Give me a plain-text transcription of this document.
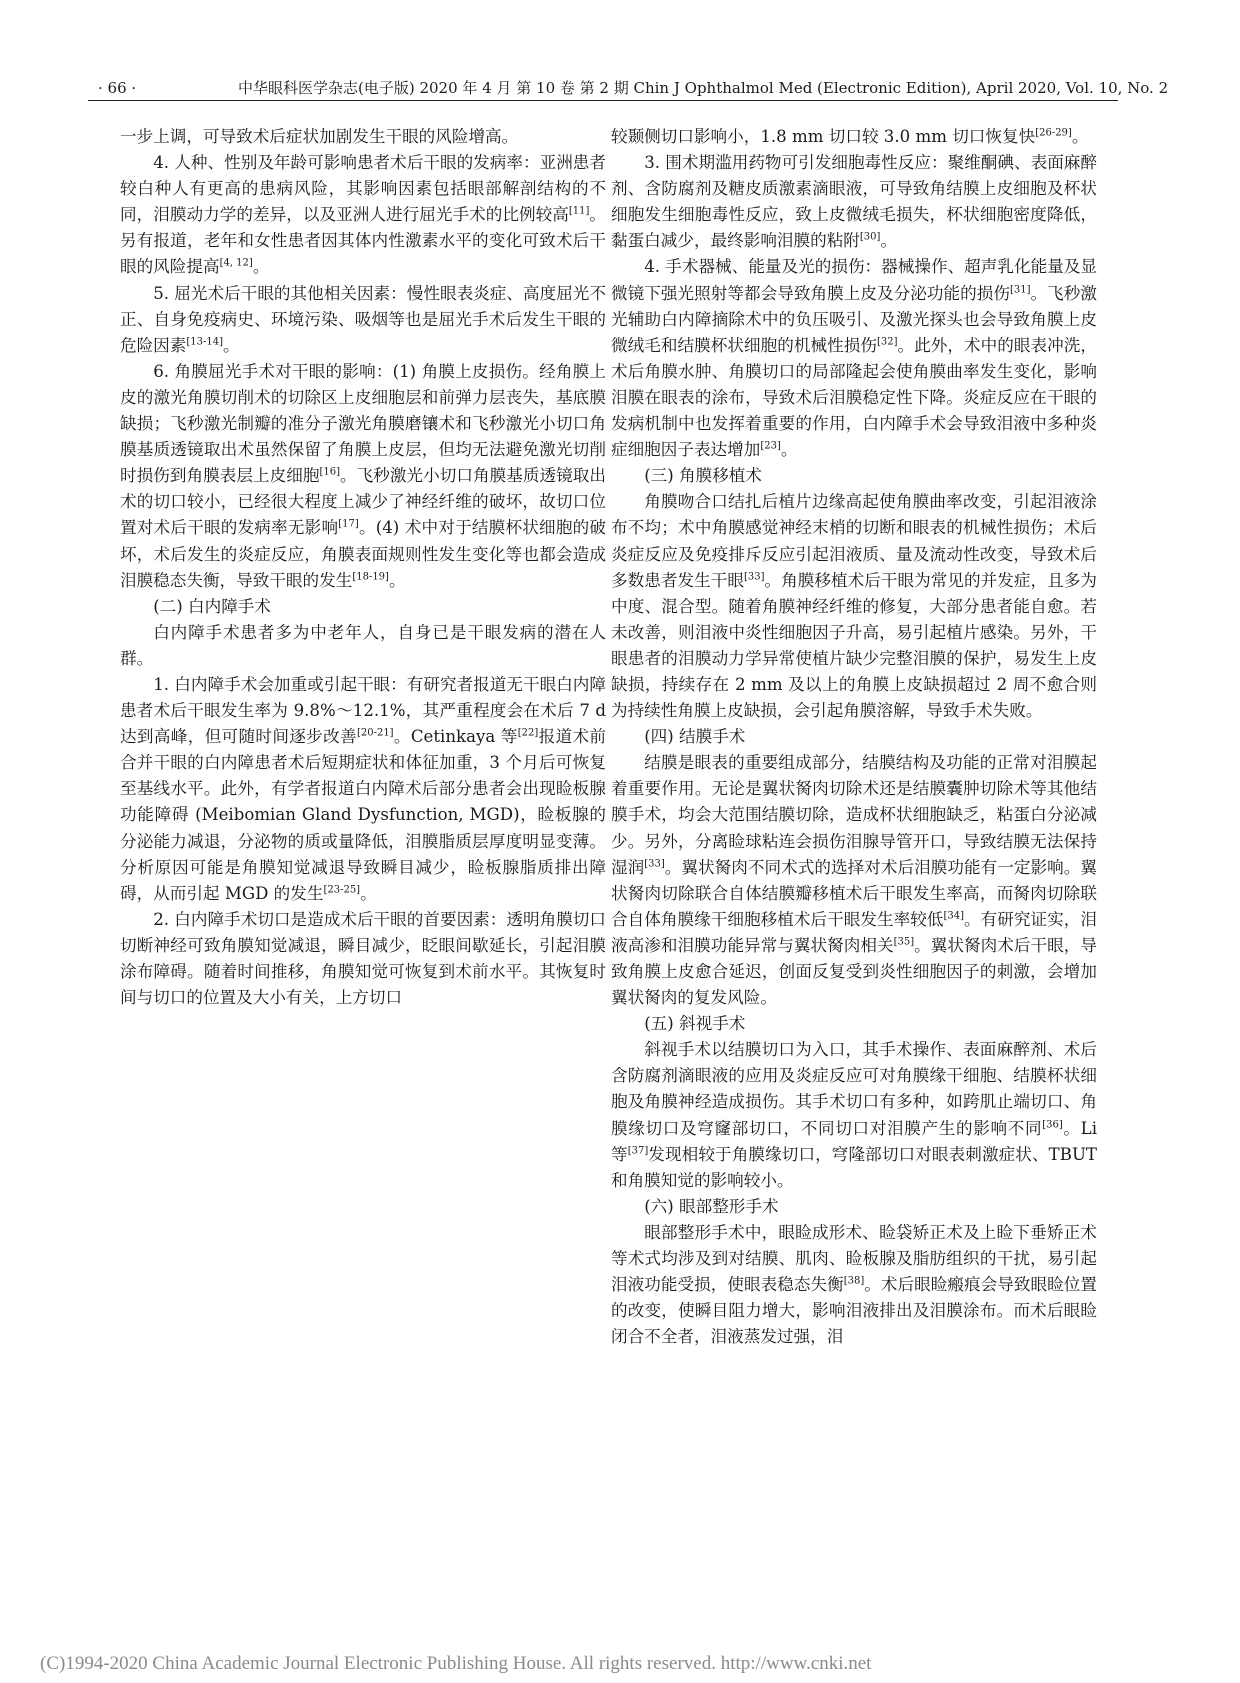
· 66 ·	中华眼科医学杂志(电子版) 2020 年 4 月 第 10 卷 第 2 期 Chin J Ophthalmol Med (Electronic Edition), April 2020, Vol. 10, No. 2

一步上调，可导致术后症状加剧发生干眼的风险增高。

4. 人种、性别及年龄可影响患者术后干眼的发病率：亚洲患者较白种人有更高的患病风险，其影响因素包括眼部解剖结构的不同，泪膜动力学的差异，以及亚洲人进行屈光手术的比例较高[11]。另有报道，老年和女性患者因其体内性激素水平的变化可致术后干眼的风险提高[4, 12]。

5. 屈光术后干眼的其他相关因素：慢性眼表炎症、高度屈光不正、自身免疫病史、环境污染、吸烟等也是屈光手术后发生干眼的危险因素[13-14]。

6. 角膜屈光手术对干眼的影响：(1) 角膜上皮损伤。经角膜上皮的激光角膜切削术的切除区上皮细胞层和前弹力层丧失，基底膜缺损；飞秒激光制瓣的准分子激光角膜磨镶术和飞秒激光小切口角膜基质透镜取出术虽然保留了角膜上皮层，但均无法避免激光切削时损伤到角膜表层上皮细胞[16]。飞秒激光小切口角膜基质透镜取出术的切口较小，已经很大程度上减少了神经纤维的破坏，故切口位置对术后干眼的发病率无影响[17]。(4) 术中对于结膜杯状细胞的破坏，术后发生的炎症反应，角膜表面规则性发生变化等也都会造成泪膜稳态失衡，导致干眼的发生[18-19]。

(二) 白内障手术

白内障手术患者多为中老年人，自身已是干眼发病的潜在人群。

1. 白内障手术会加重或引起干眼：有研究者报道无干眼白内障患者术后干眼发生率为 9.8%～12.1%，其严重程度会在术后 7 d 达到高峰，但可随时间逐步改善[20-21]。Cetinkaya 等[22]报道术前合并干眼的白内障患者术后短期症状和体征加重，3 个月后可恢复至基线水平。此外，有学者报道白内障术后部分患者会出现睑板腺功能障碍 (Meibomian Gland Dysfunction, MGD)，睑板腺的分泌能力减退，分泌物的质或量降低，泪膜脂质层厚度明显变薄。分析原因可能是角膜知觉减退导致瞬目减少，睑板腺脂质排出障碍，从而引起 MGD 的发生[23-25]。

2. 白内障手术切口是造成术后干眼的首要因素：透明角膜切口切断神经可致角膜知觉减退，瞬目减少，眨眼间歇延长，引起泪膜涂布障碍。随着时间推移，角膜知觉可恢复到术前水平。其恢复时间与切口的位置及大小有关，上方切口

较颞侧切口影响小，1.8 mm 切口较 3.0 mm 切口恢复快[26-29]。

3. 围术期滥用药物可引发细胞毒性反应：聚维酮碘、表面麻醉剂、含防腐剂及糖皮质激素滴眼液，可导致角结膜上皮细胞及杯状细胞发生细胞毒性反应，致上皮微绒毛损失，杯状细胞密度降低，黏蛋白减少，最终影响泪膜的粘附[30]。

4. 手术器械、能量及光的损伤：器械操作、超声乳化能量及显微镜下强光照射等都会导致角膜上皮及分泌功能的损伤[31]。飞秒激光辅助白内障摘除术中的负压吸引、及激光探头也会导致角膜上皮微绒毛和结膜杯状细胞的机械性损伤[32]。此外，术中的眼表冲洗，术后角膜水肿、角膜切口的局部隆起会使角膜曲率发生变化，影响泪膜在眼表的涂布，导致术后泪膜稳定性下降。炎症反应在干眼的发病机制中也发挥着重要的作用，白内障手术会导致泪液中多种炎症细胞因子表达增加[23]。

(三) 角膜移植术

角膜吻合口结扎后植片边缘高起使角膜曲率改变，引起泪液涂布不均；术中角膜感觉神经末梢的切断和眼表的机械性损伤；术后炎症反应及免疫排斥反应引起泪液质、量及流动性改变，导致术后多数患者发生干眼[33]。角膜移植术后干眼为常见的并发症，且多为中度、混合型。随着角膜神经纤维的修复，大部分患者能自愈。若未改善，则泪液中炎性细胞因子升高，易引起植片感染。另外，干眼患者的泪膜动力学异常使植片缺少完整泪膜的保护，易发生上皮缺损，持续存在 2 mm 及以上的角膜上皮缺损超过 2 周不愈合则为持续性角膜上皮缺损，会引起角膜溶解，导致手术失败。

(四) 结膜手术

结膜是眼表的重要组成部分，结膜结构及功能的正常对泪膜起着重要作用。无论是翼状胬肉切除术还是结膜囊肿切除术等其他结膜手术，均会大范围结膜切除，造成杯状细胞缺乏，粘蛋白分泌减少。另外，分离睑球粘连会损伤泪腺导管开口，导致结膜无法保持湿润[33]。翼状胬肉不同术式的选择对术后泪膜功能有一定影响。翼状胬肉切除联合自体结膜瓣移植术后干眼发生率高，而胬肉切除联合自体角膜缘干细胞移植术后干眼发生率较低[34]。有研究证实，泪液高渗和泪膜功能异常与翼状胬肉相关[35]。翼状胬肉术后干眼，导致角膜上皮愈合延迟，创面反复受到炎性细胞因子的刺激，会增加翼状胬肉的复发风险。

(五) 斜视手术

斜视手术以结膜切口为入口，其手术操作、表面麻醉剂、术后含防腐剂滴眼液的应用及炎症反应可对角膜缘干细胞、结膜杯状细胞及角膜神经造成损伤。其手术切口有多种，如跨肌止端切口、角膜缘切口及穹窿部切口，不同切口对泪膜产生的影响不同[36]。Li 等[37]发现相较于角膜缘切口，穹隆部切口对眼表刺激症状、TBUT 和角膜知觉的影响较小。

(六) 眼部整形手术

眼部整形手术中，眼睑成形术、睑袋矫正术及上睑下垂矫正术等术式均涉及到对结膜、肌肉、睑板腺及脂肪组织的干扰，易引起泪液功能受损，使眼表稳态失衡[38]。术后眼睑瘢痕会导致眼睑位置的改变，使瞬目阻力增大，影响泪液排出及泪膜涂布。而术后眼睑闭合不全者，泪液蒸发过强，泪

(C)1994-2020 China Academic Journal Electronic Publishing House. All rights reserved. http://www.cnki.net
